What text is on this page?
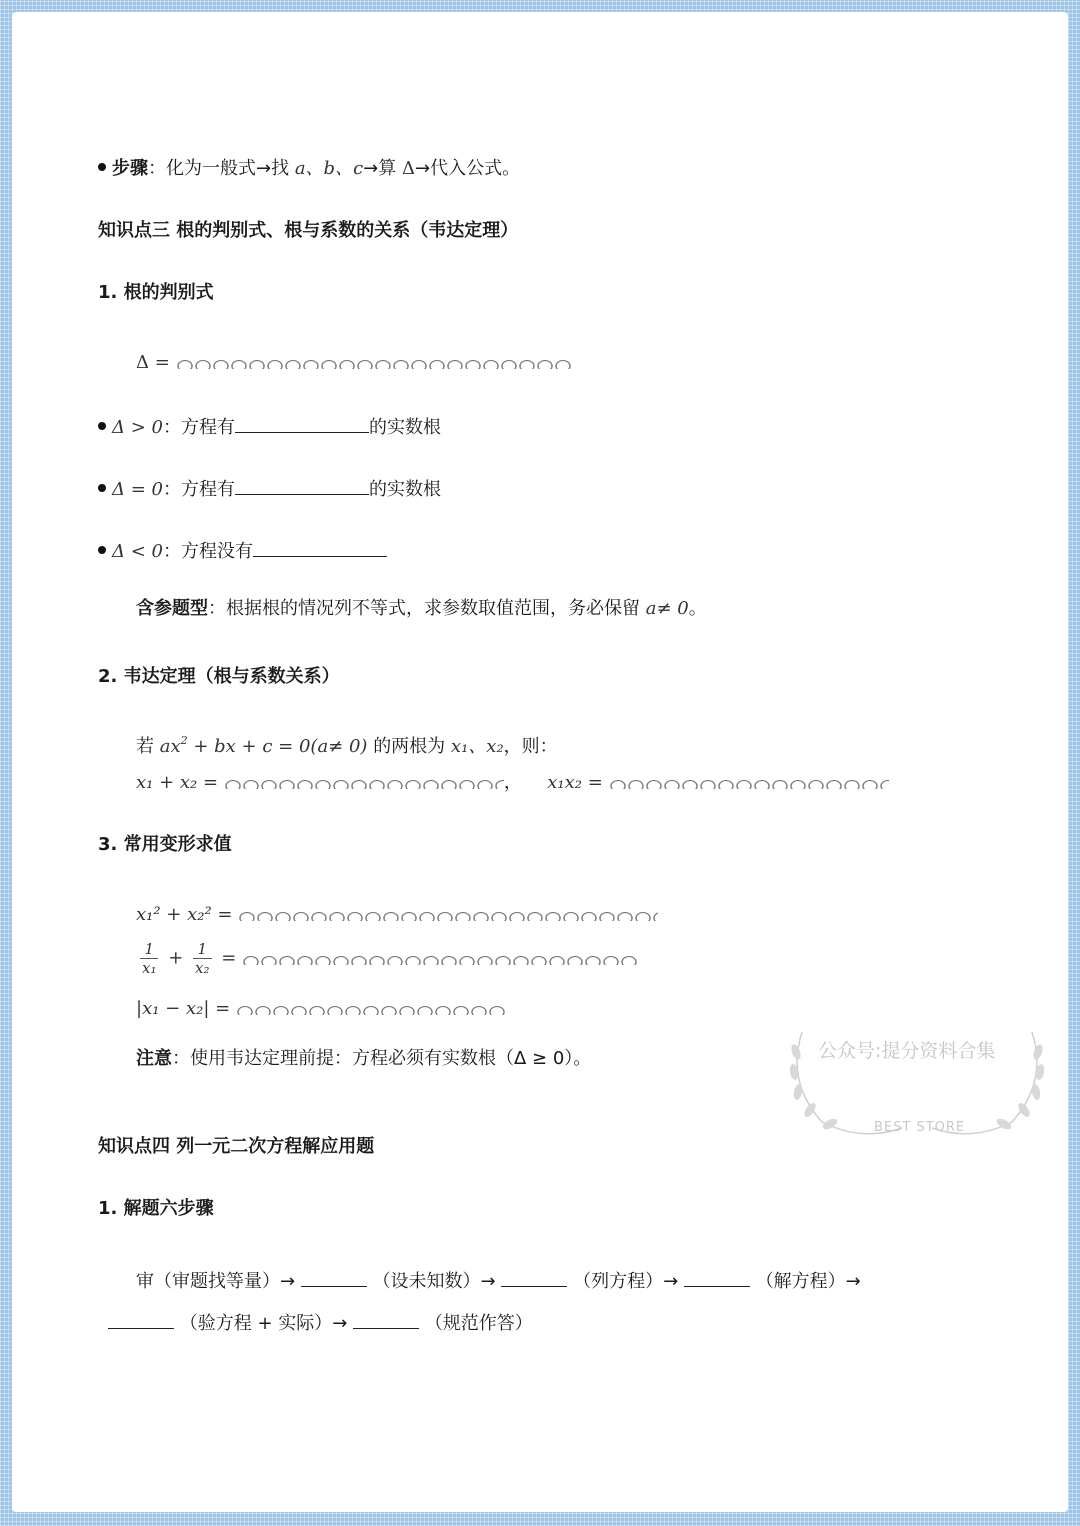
步骤：化为一般式→找 a、b、c→算 Δ→代入公式。
知识点三 根的判别式、根与系数的关系（韦达定理）
1. 根的判别式
Δ =
Δ > 0：方程有	的实数根
Δ = 0：方程有	的实数根
Δ < 0：方程没有
含参题型：根据根的情况列不等式，求参数取值范围，务必保留 a≠ 0。
2. 韦达定理（根与系数关系）
若 $ax^2$ + bx + c = 0(a≠ 0) 的两根为 x₁、x₂，则：
x₁ + x₂ =	， x₁x₂ =
3. 常用变形求值
x₁² + x₂² =
$\frac{1}{\text{x₁}} + \frac{1}{\text{x₂}}$ =
|x₁ − x₂| =
注意：使用韦达定理前提：方程必须有实数根（Δ ≥ 0）。	公众号:提分资料合集
BEST STORE
知识点四 列一元二次方程解应用题
1. 解题六步骤
审（审题找等量）→	（设未知数）→	（列方程）→	（解方程）→
（验方程 + 实际）→	（规范作答）
